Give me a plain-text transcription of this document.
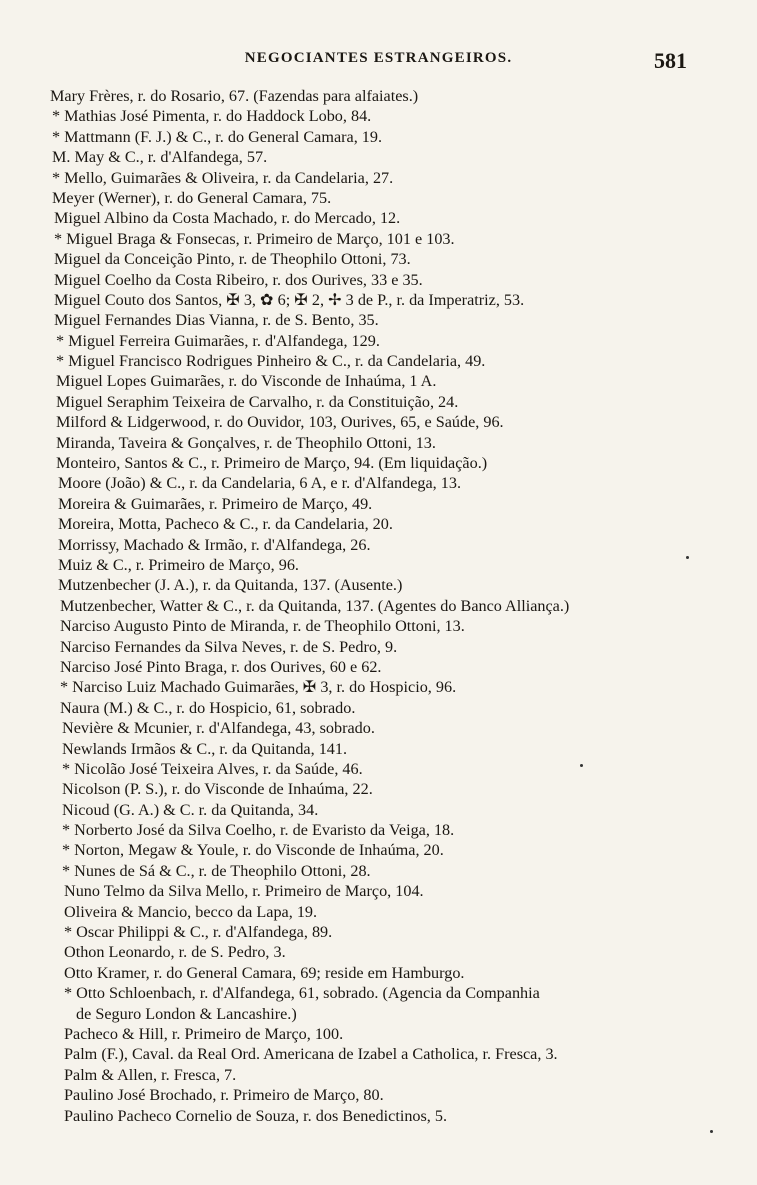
NEGOCIANTES ESTRANGEIROS.	581
Mary Frères, r. do Rosario, 67. (Fazendas para alfaiates.)
* Mathias José Pimenta, r. do Haddock Lobo, 84.
* Mattmann (F. J.) & C., r. do General Camara, 19.
M. May & C., r. d'Alfandega, 57.
* Mello, Guimarães & Oliveira, r. da Candelaria, 27.
Meyer (Werner), r. do General Camara, 75.
Miguel Albino da Costa Machado, r. do Mercado, 12.
* Miguel Braga & Fonsecas, r. Primeiro de Março, 101 e 103.
Miguel da Conceição Pinto, r. de Theophilo Ottoni, 73.
Miguel Coelho da Costa Ribeiro, r. dos Ourives, 33 e 35.
Miguel Couto dos Santos, ✠ 3, ✿ 6; ✠ 2, ✢ 3 de P., r. da Imperatriz, 53.
Miguel Fernandes Dias Vianna, r. de S. Bento, 35.
* Miguel Ferreira Guimarães, r. d'Alfandega, 129.
* Miguel Francisco Rodrigues Pinheiro & C., r. da Candelaria, 49.
Miguel Lopes Guimarães, r. do Visconde de Inhaúma, 1 A.
Miguel Seraphim Teixeira de Carvalho, r. da Constituição, 24.
Milford & Lidgerwood, r. do Ouvidor, 103, Ourives, 65, e Saúde, 96.
Miranda, Taveira & Gonçalves, r. de Theophilo Ottoni, 13.
Monteiro, Santos & C., r. Primeiro de Março, 94. (Em liquidação.)
Moore (João) & C., r. da Candelaria, 6 A, e r. d'Alfandega, 13.
Moreira & Guimarães, r. Primeiro de Março, 49.
Moreira, Motta, Pacheco & C., r. da Candelaria, 20.
Morrissy, Machado & Irmão, r. d'Alfandega, 26.
Muiz & C., r. Primeiro de Março, 96.
Mutzenbecher (J. A.), r. da Quitanda, 137. (Ausente.)
Mutzenbecher, Watter & C., r. da Quitanda, 137. (Agentes do Banco Alliança.)
Narciso Augusto Pinto de Miranda, r. de Theophilo Ottoni, 13.
Narciso Fernandes da Silva Neves, r. de S. Pedro, 9.
Narciso José Pinto Braga, r. dos Ourives, 60 e 62.
* Narciso Luiz Machado Guimarães, ✠ 3, r. do Hospicio, 96.
Naura (M.) & C., r. do Hospicio, 61, sobrado.
Nevière & Mcunier, r. d'Alfandega, 43, sobrado.
Newlands Irmãos & C., r. da Quitanda, 141.
* Nicolão José Teixeira Alves, r. da Saúde, 46.
Nicolson (P. S.), r. do Visconde de Inhaúma, 22.
Nicoud (G. A.) & C. r. da Quitanda, 34.
* Norberto José da Silva Coelho, r. de Evaristo da Veiga, 18.
* Norton, Megaw & Youle, r. do Visconde de Inhaúma, 20.
* Nunes de Sá & C., r. de Theophilo Ottoni, 28.
Nuno Telmo da Silva Mello, r. Primeiro de Março, 104.
Oliveira & Mancio, becco da Lapa, 19.
* Oscar Philippi & C., r. d'Alfandega, 89.
Othon Leonardo, r. de S. Pedro, 3.
Otto Kramer, r. do General Camara, 69; reside em Hamburgo.
* Otto Schloenbach, r. d'Alfandega, 61, sobrado. (Agencia da Companhia
de Seguro London & Lancashire.)
Pacheco & Hill, r. Primeiro de Março, 100.
Palm (F.), Caval. da Real Ord. Americana de Izabel a Catholica, r. Fresca, 3.
Palm & Allen, r. Fresca, 7.
Paulino José Brochado, r. Primeiro de Março, 80.
Paulino Pacheco Cornelio de Souza, r. dos Benedictinos, 5.
